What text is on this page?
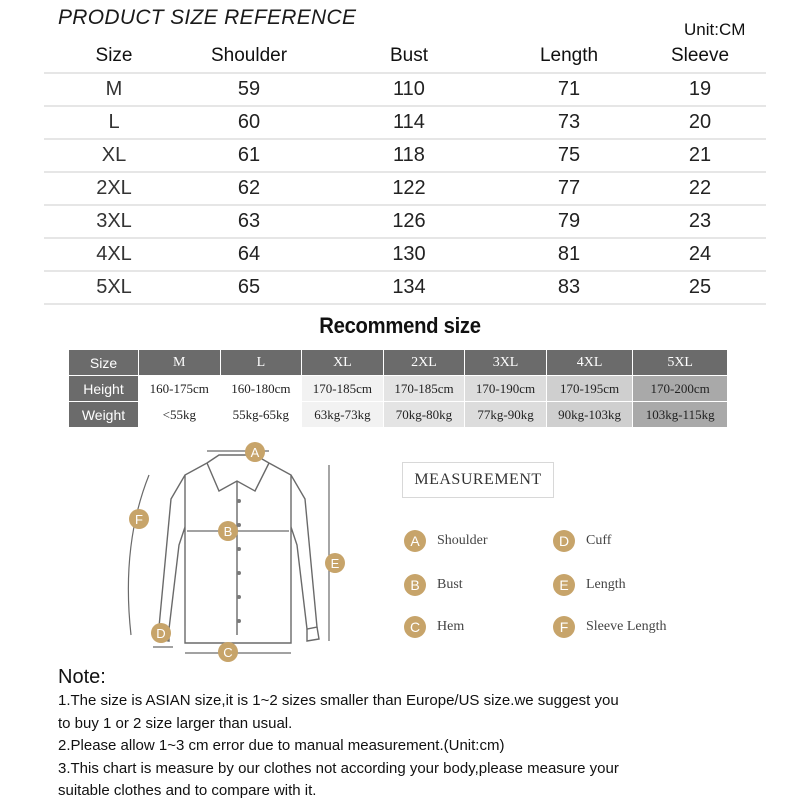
PRODUCT SIZE REFERENCE
Unit:CM
Size	Shoulder	Bust	Length	Sleeve
M	59	110	71	19
L	60	114	73	20
XL	61	118	75	21
2XL	62	122	77	22
3XL	63	126	79	23
4XL	64	130	81	24
5XL	65	134	83	25
Recommend size
Size	M	L	XL	2XL	3XL	4XL	5XL
Height	160-175cm	160-180cm	170-185cm	170-185cm	170-190cm	170-195cm	170-200cm
Weight	<55kg	55kg-65kg	63kg-73kg	70kg-80kg	77kg-90kg	90kg-103kg	103kg-115kg
A
B
C
D
E
F
MEASUREMENT
A	Shoulder
B	Bust
C	Hem
D	Cuff
E	Length
F	Sleeve Length
Note:
1.The size is ASIAN size,it is 1~2 sizes smaller than Europe/US size.we suggest you
to buy 1 or 2 size larger than usual.
2.Please allow 1~3 cm error due to manual measurement.(Unit:cm)
3.This chart is measure by our clothes not according your body,please measure your
suitable clothes and to compare with it.
